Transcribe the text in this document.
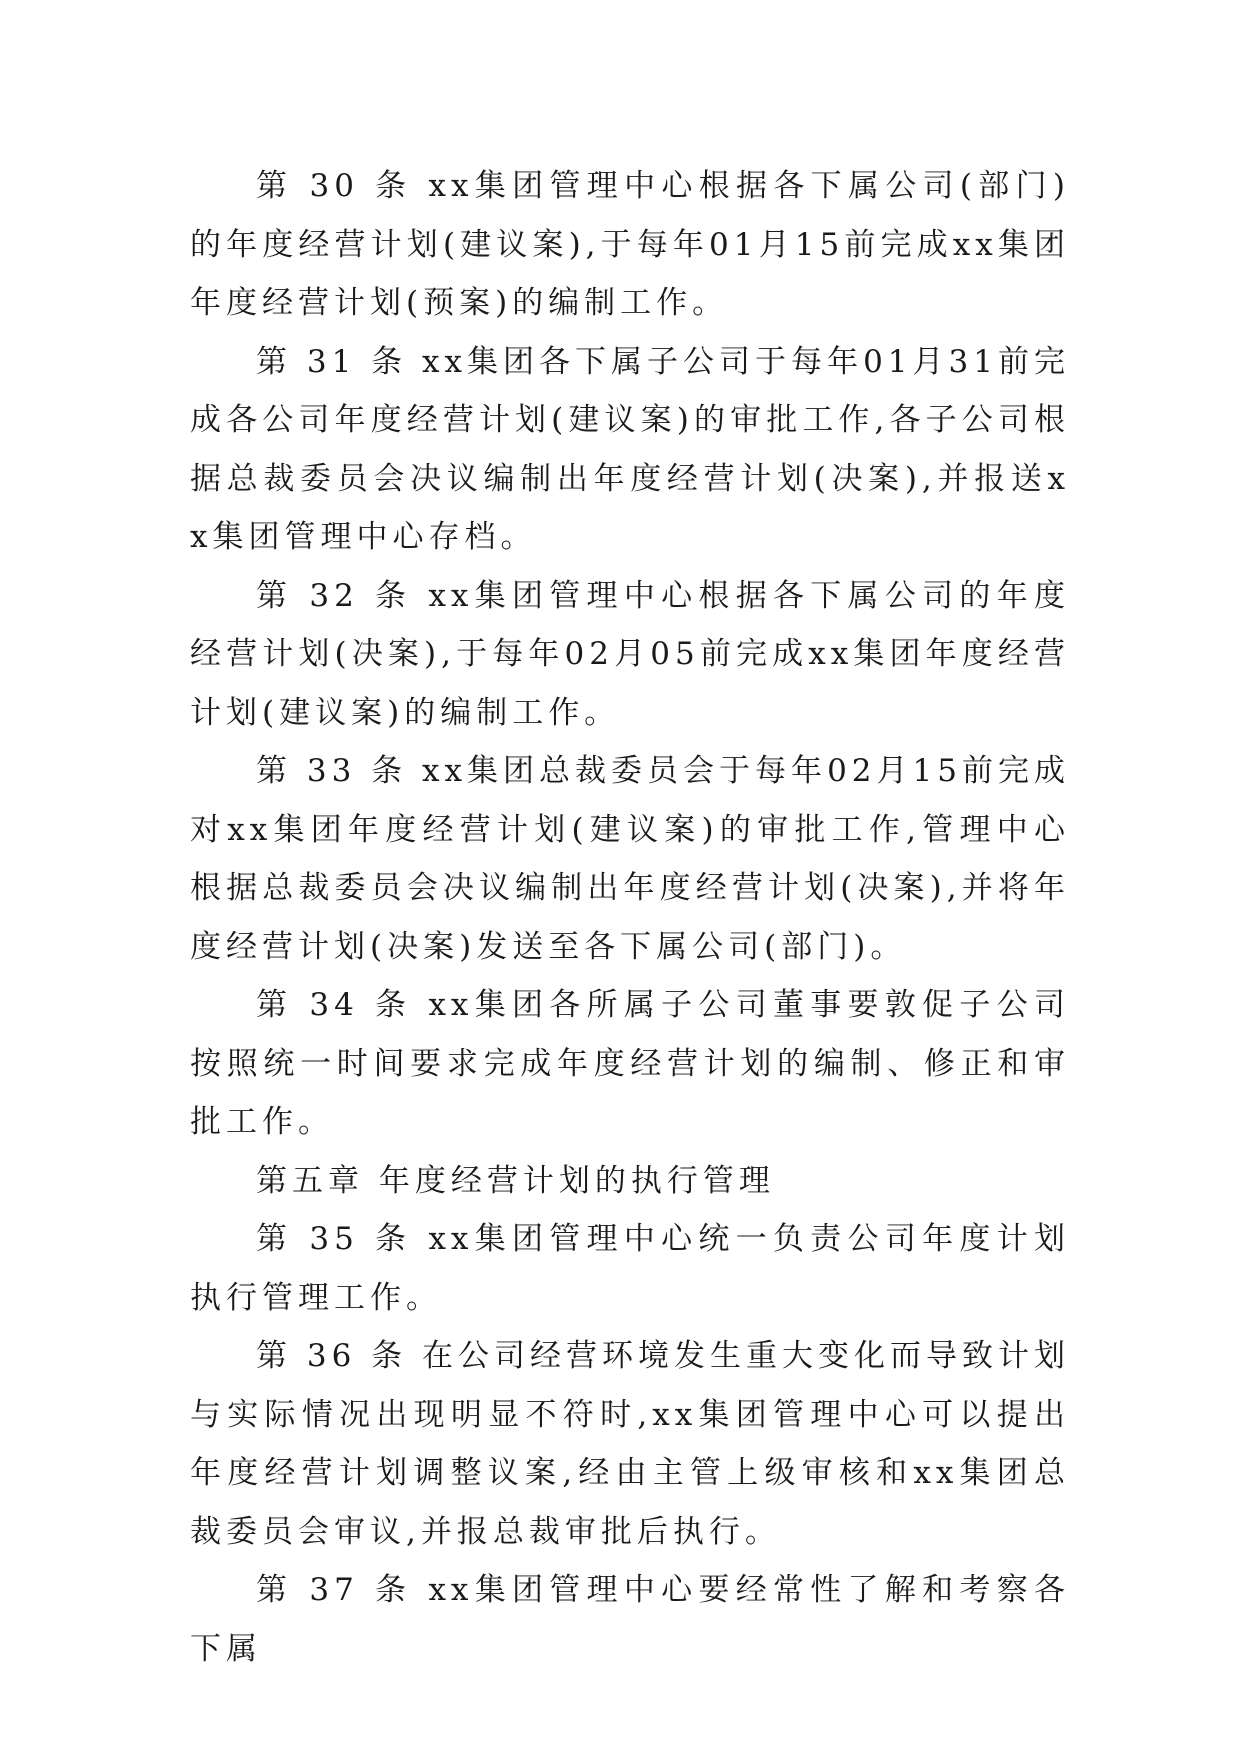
第 30 条 xx集团管理中心根据各下属公司(部门)的年度经营计划(建议案),于每年01月15前完成xx集团年度经营计划(预案)的编制工作。

第 31 条 xx集团各下属子公司于每年01月31前完成各公司年度经营计划(建议案)的审批工作,各子公司根据总裁委员会决议编制出年度经营计划(决案),并报送xx集团管理中心存档。

第 32 条 xx集团管理中心根据各下属公司的年度经营计划(决案),于每年02月05前完成xx集团年度经营计划(建议案)的编制工作。

第 33 条 xx集团总裁委员会于每年02月15前完成对xx集团年度经营计划(建议案)的审批工作,管理中心根据总裁委员会决议编制出年度经营计划(决案),并将年度经营计划(决案)发送至各下属公司(部门)。

第 34 条 xx集团各所属子公司董事要敦促子公司按照统一时间要求完成年度经营计划的编制、修正和审批工作。

第五章 年度经营计划的执行管理

第 35 条 xx集团管理中心统一负责公司年度计划执行管理工作。

第 36 条 在公司经营环境发生重大变化而导致计划与实际情况出现明显不符时,xx集团管理中心可以提出年度经营计划调整议案,经由主管上级审核和xx集团总裁委员会审议,并报总裁审批后执行。

第 37 条 xx集团管理中心要经常性了解和考察各下属
